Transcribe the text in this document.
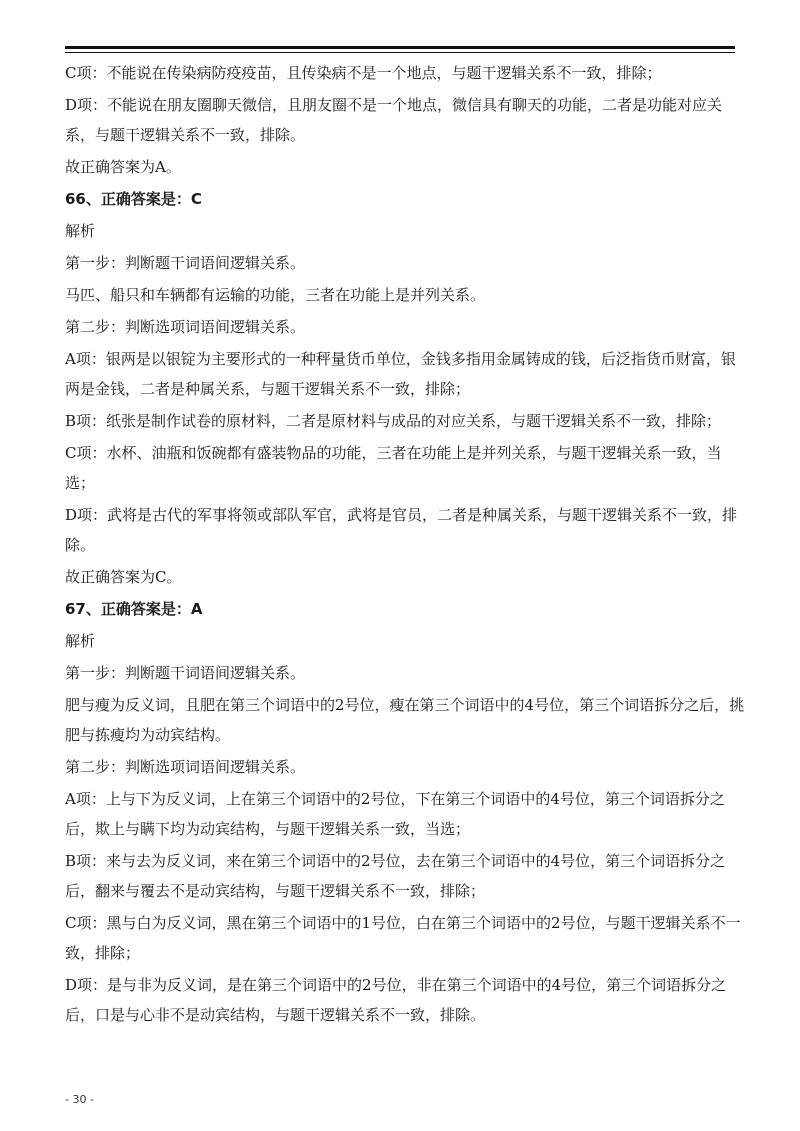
C项：不能说在传染病防疫疫苗，且传染病不是一个地点，与题干逻辑关系不一致，排除；

D项：不能说在朋友圈聊天微信，且朋友圈不是一个地点，微信具有聊天的功能，二者是功能对应关系，与题干逻辑关系不一致，排除。

故正确答案为A。

66、正确答案是：C

解析

第一步：判断题干词语间逻辑关系。

马匹、船只和车辆都有运输的功能，三者在功能上是并列关系。

第二步：判断选项词语间逻辑关系。

A项：银两是以银锭为主要形式的一种秤量货币单位，金钱多指用金属铸成的钱，后泛指货币财富，银两是金钱，二者是种属关系，与题干逻辑关系不一致，排除；

B项：纸张是制作试卷的原材料，二者是原材料与成品的对应关系，与题干逻辑关系不一致，排除；

C项：水杯、油瓶和饭碗都有盛装物品的功能，三者在功能上是并列关系，与题干逻辑关系一致，当选；

D项：武将是古代的军事将领或部队军官，武将是官员，二者是种属关系，与题干逻辑关系不一致，排除。

故正确答案为C。

67、正确答案是：A

解析

第一步：判断题干词语间逻辑关系。

肥与瘦为反义词，且肥在第三个词语中的2号位，瘦在第三个词语中的4号位，第三个词语拆分之后，挑肥与拣瘦均为动宾结构。

第二步：判断选项词语间逻辑关系。

A项：上与下为反义词，上在第三个词语中的2号位，下在第三个词语中的4号位，第三个词语拆分之后，欺上与瞒下均为动宾结构，与题干逻辑关系一致，当选；

B项：来与去为反义词，来在第三个词语中的2号位，去在第三个词语中的4号位，第三个词语拆分之后，翻来与覆去不是动宾结构，与题干逻辑关系不一致，排除；

C项：黑与白为反义词，黑在第三个词语中的1号位，白在第三个词语中的2号位，与题干逻辑关系不一致，排除；

D项：是与非为反义词，是在第三个词语中的2号位，非在第三个词语中的4号位，第三个词语拆分之后，口是与心非不是动宾结构，与题干逻辑关系不一致，排除。

- 30 -
